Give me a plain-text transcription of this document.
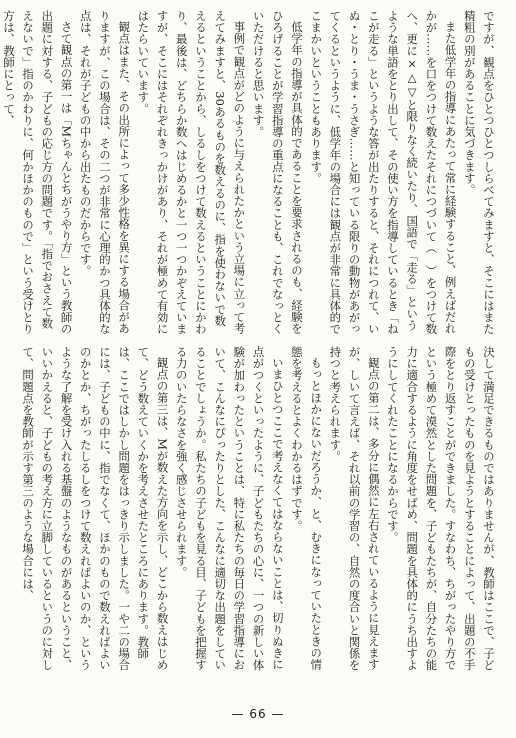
ですが、観点をひとつひとつしらべてみますと、そこにはまた精粗の別があることに気づきます。

また低学年の指導にあたって常に経験すること、例えばだれかが……を口をつけて数えたそれにつづいて（　）をつけて数へ、更に×△▽と限りなく続いたり、国語で「走る」というような単語をとり出して、その使い方を指導しているとき「ねこが走る」というような答が出たりすると、それにつれて、いぬ・とり・うま・うさぎ……と知っている限りの動物があがってくるというように、低学年の場合には観点が非常に具体的でこまかいということもあります。

低学年の指導が具体的であることを要求されるのも、経験をひろげることが学習指導の重点になることも、これでなっとくいただけると思います。

事例で観点がどのように与えられたかという立場に立って考えてみますと、30あるものを数えるのに、指を使わないで数えるということから、しるしをつけて数えるということにかわり、最後は、どちらか数へはじめるかと一つ一つかぞえていますが、そこにはそれぞれきっかけがあり、それが極めて有効にはたらいています。

観点はまた、その出所によって多少性格を異にする場合がありますが、この場合は、その二つが非常に心理的かつ具体的な点は、それが子どもの中から出たものだからです。

さて観点の第一は「Mちゃんとちがうやり方」という教師の出題に対する、子どもの応じ方の問題です。「指でおさえて数えないで」指のかわりに、何かほかのもので」という受けとり方は、教師にとって、

決して満足できるものではありませんが、教師はここで、子どもの受けとったものを見ようとすることによって、出題の不手際をとり返すことができました。すなわち、ちがったやり方でという極めて漠然とした問題を、子どもたちが、自分たちの能力に適合するように角度をせばめ、問題を具体的にうち出すようにしてくれたことになるからです。

観点の第二は、多分に偶然に左右されているように見えますが、しいて言えば、それ以前の学習の、自然の度合いと関係を持つと考えられます。

もっとほかにないだろうか、と、むきになっていたときの情態を考えるとよくわかるはずです。

いまひとつここで考えなくてはならないことは、切りぬきに点がつくといったように、子どもたちの心に、一つの新しい体験が加わったということは、特に私たちの毎日の学習指導において、こんなにぴったりとした、こんなに適切な出題をしていることでしょうか。私たちの子どもを見る目、子どもを把握する力のいたらなさを強く感じさせられます。

観点の第三は、Mが数えた方向を示し、どこから数えはじめて、どう数えていくかを考えさせたところにあります。教師は、ここではしかし問題をはっきり示しました。一や二の場合には、子どもの中に、指でなくて、ほかのもので数えればよいのかとか、ちがったしるしをつけて数えればよいのか、というような了解を受け入れる基盤のようなものがあるということ、いいかえると、子どもの考え方に立脚しているというのに対して、問題点を教師が示す第三のような場合には、

— 66 —
